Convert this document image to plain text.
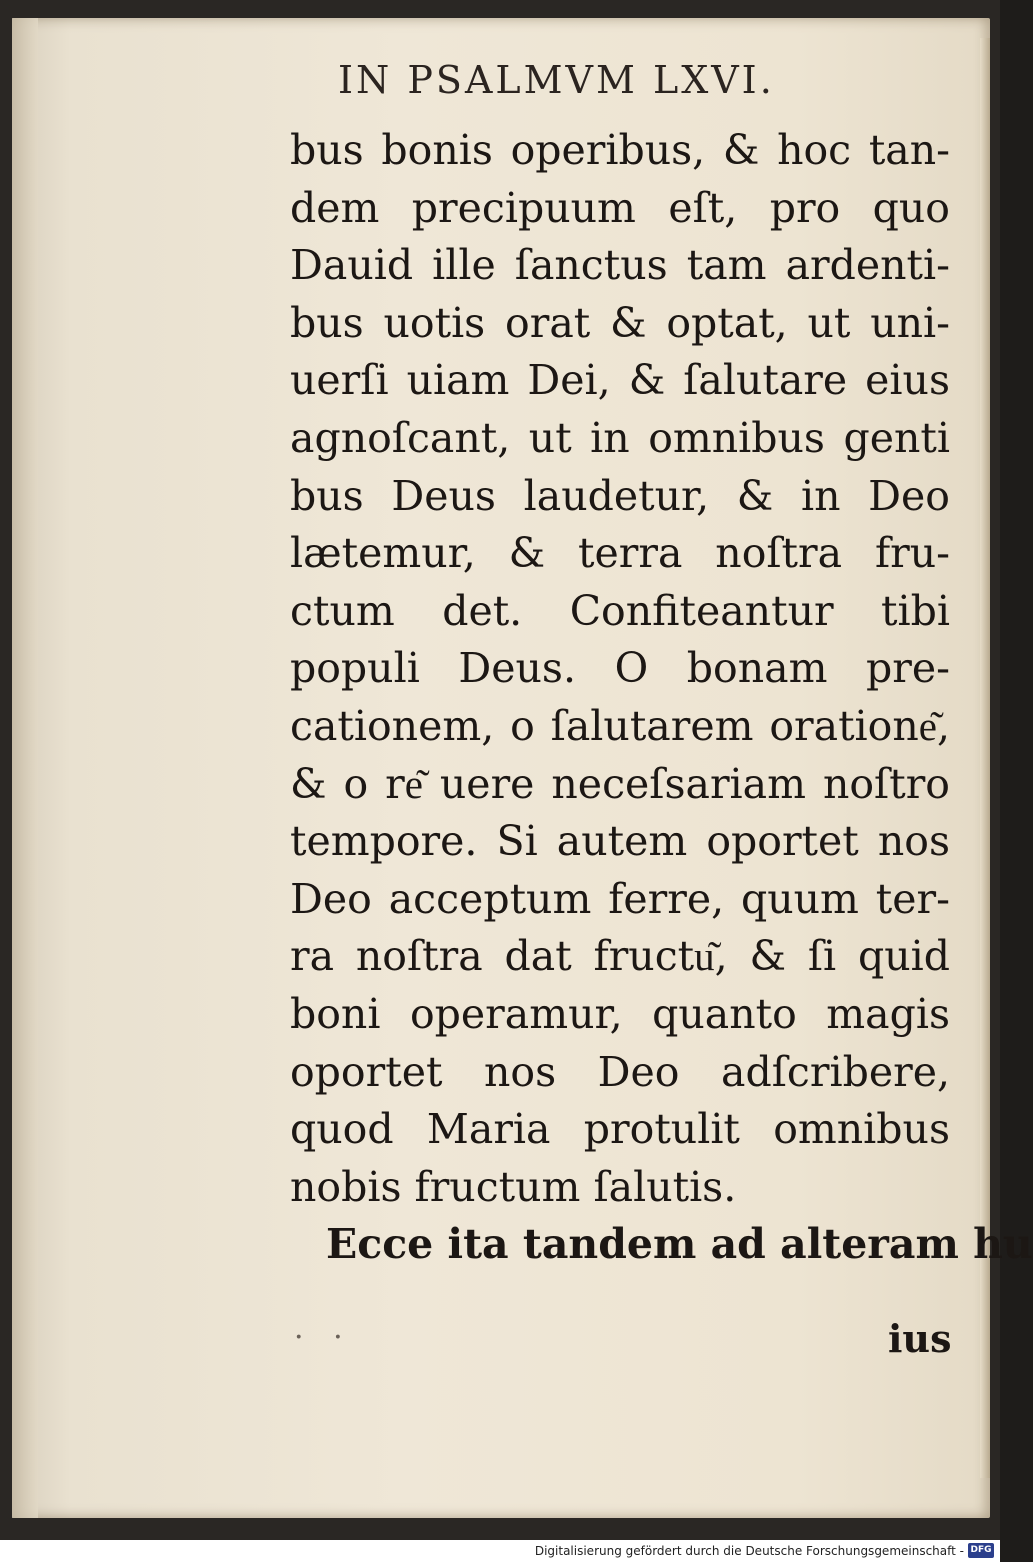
IN PSALMVM LXVI.
bus bonis operibus, & hoc tan-
dem precipuum eſt, pro quo
Dauid ille ſanctus tam ardenti-
bus uotis orat & optat, ut uni-
uerſi uiam Dei, & ſalutare eius
agnoſcant, ut in omnibus genti
bus Deus laudetur, & in Deo
lætemur, & terra noſtra fru-
ctum det. Confiteantur tibi
populi Deus. O bonam pre-
cationem, o ſalutarem oratione͂,
& o re͂ uere neceſsariam noſtro
tempore. Si autem oportet nos
Deo acceptum ferre, quum ter-
ra noſtra dat fructu͂, & ſi quid
boni operamur, quanto magis
oportet nos Deo adſcribere,
quod Maria protulit omnibus
nobis fructum ſalutis.
Ecce ita tandem ad alteram hu
· ·	ius
Digitalisierung gefördert durch die Deutsche Forschungsgemeinschaft - DFG
